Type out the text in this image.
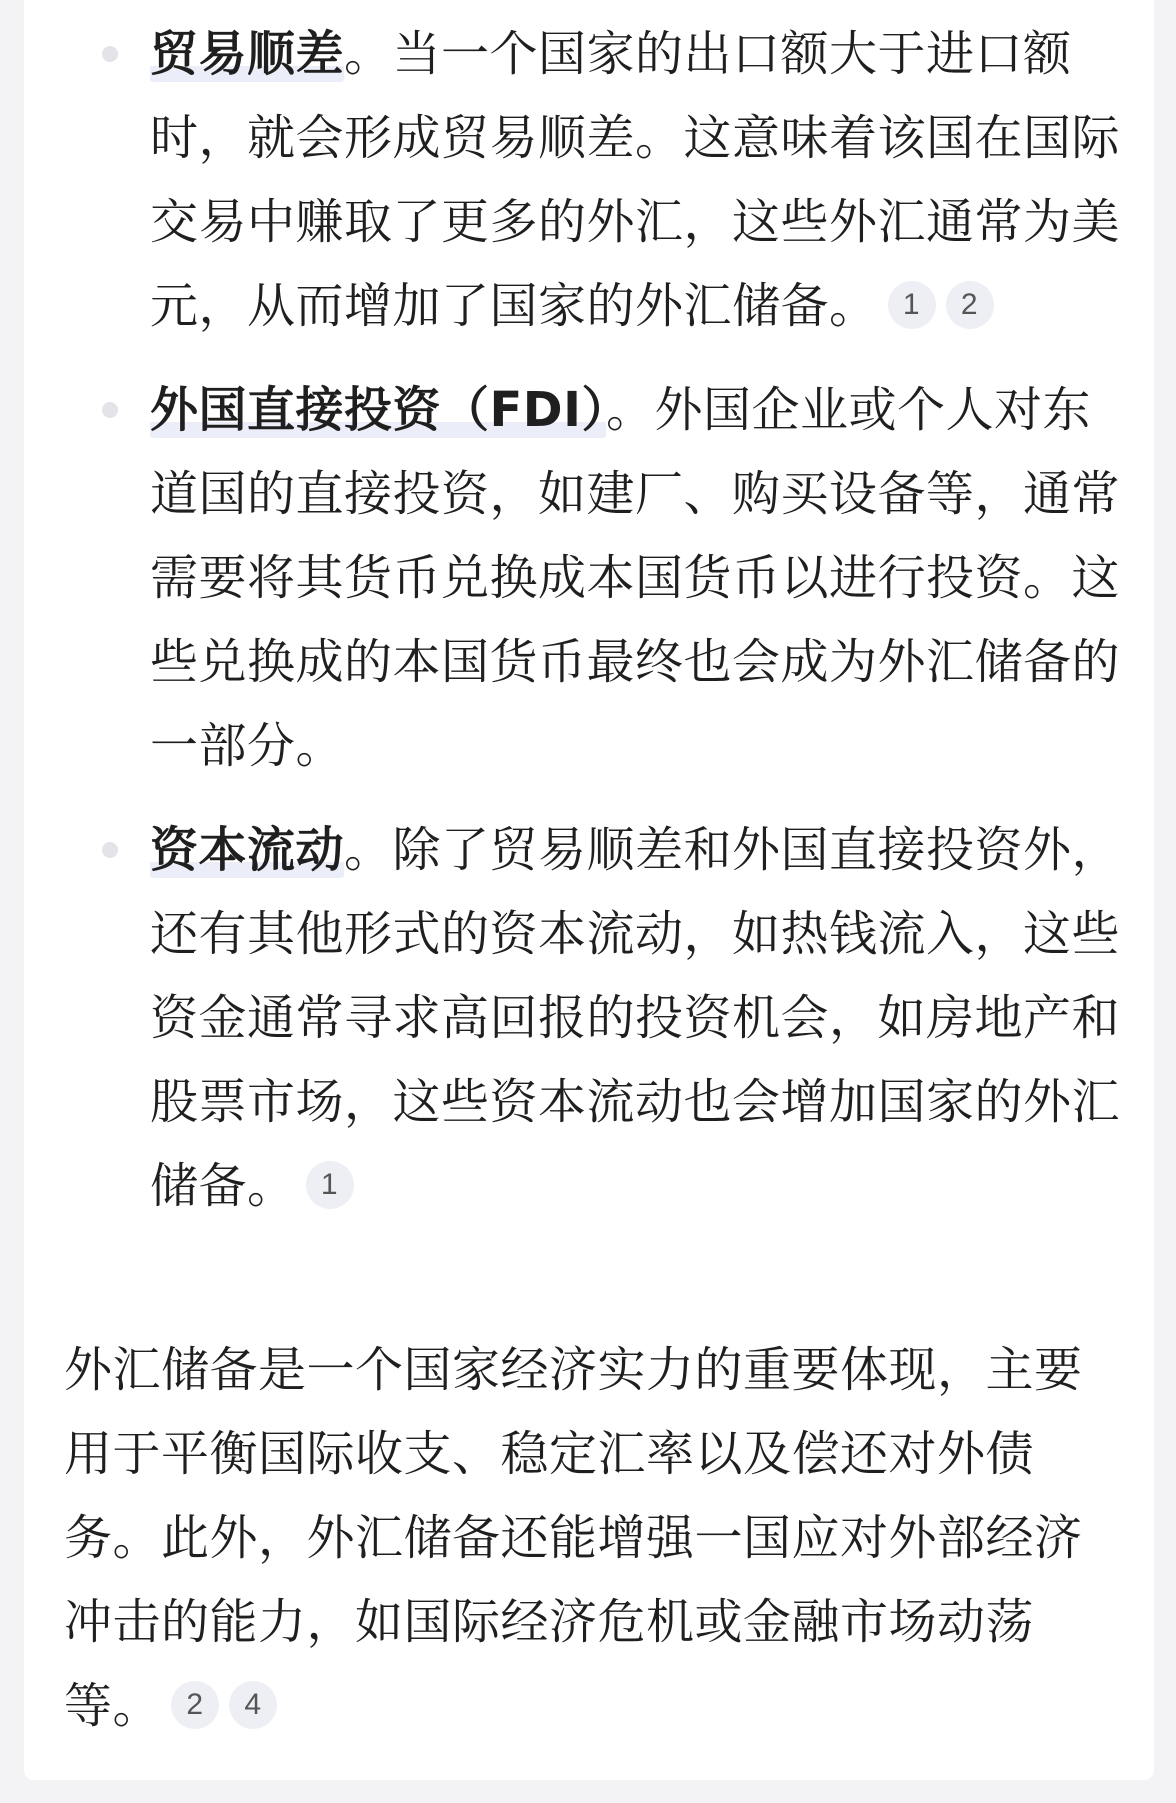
贸易顺差。当一个国家的出口额大于进口额时，就会形成贸易顺差。这意味着该国在国际交易中赚取了更多的外汇，这些外汇通常为美元，从而增加了国家的外汇储备。 1 2
外国直接投资（FDI）。外国企业或个人对东道国的直接投资，如建厂、购买设备等，通常需要将其货币兑换成本国货币以进行投资。这些兑换成的本国货币最终也会成为外汇储备的一部分。
资本流动。除了贸易顺差和外国直接投资外，还有其他形式的资本流动，如热钱流入，这些资金通常寻求高回报的投资机会，如房地产和股票市场，这些资本流动也会增加国家的外汇储备。 1
外汇储备是一个国家经济实力的重要体现，主要用于平衡国际收支、稳定汇率以及偿还对外债务。此外，外汇储备还能增强一国应对外部经济冲击的能力，如国际经济危机或金融市场动荡等。 2 4
